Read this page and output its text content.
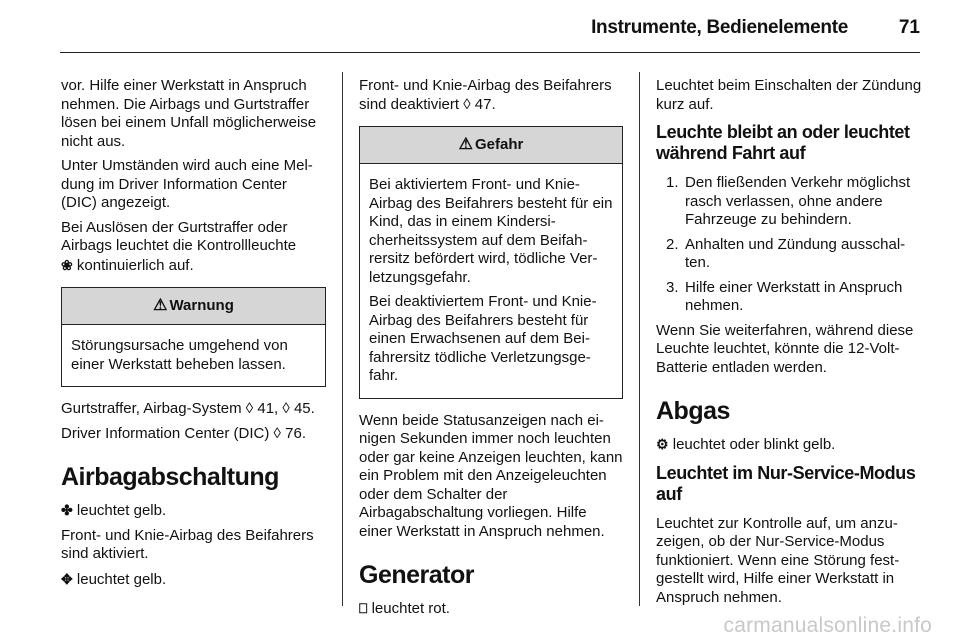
Instrumente, Bedienelemente	71

vor. Hilfe einer Werkstatt in Anspruch nehmen. Die Airbags und Gurtstraffer lösen bei einem Unfall möglicherweise nicht aus.

Unter Umständen wird auch eine Meldung im Driver Information Center (DIC) angezeigt.

Bei Auslösen der Gurtstraffer oder Airbags leuchtet die Kontrollleuchte
❀ kontinuierlich auf.

⚠ Warnung

Störungsursache umgehend von einer Werkstatt beheben lassen.

Gurtstraffer, Airbag-System ◊ 41, ◊ 45.

Driver Information Center (DIC) ◊ 76.

Airbagabschaltung

✤ leuchtet gelb.

Front- und Knie-Airbag des Beifahrers sind aktiviert.

✥ leuchtet gelb.

Front- und Knie-Airbag des Beifahrers sind deaktiviert ◊ 47.

⚠ Gefahr

Bei aktiviertem Front- und Knie-Airbag des Beifahrers besteht für ein Kind, das in einem Kindersicherheitssystem auf dem Beifahrersitz befördert wird, tödliche Verletzungsgefahr.

Bei deaktiviertem Front- und Knie-Airbag des Beifahrers besteht für einen Erwachsenen auf dem Beifahrersitz tödliche Verletzungsgefahr.

Wenn beide Statusanzeigen nach einigen Sekunden immer noch leuchten oder gar keine Anzeigen leuchten, kann ein Problem mit den Anzeigeleuchten oder dem Schalter der Airbagabschaltung vorliegen. Hilfe einer Werkstatt in Anspruch nehmen.

Generator

⎕ leuchtet rot.

Leuchtet beim Einschalten der Zündung kurz auf.

Leuchte bleibt an oder leuchtet während Fahrt auf
1. Den fließenden Verkehr möglichst rasch verlassen, ohne andere Fahrzeuge zu behindern.
2. Anhalten und Zündung ausschalten.
3. Hilfe einer Werkstatt in Anspruch nehmen.

Wenn Sie weiterfahren, während diese Leuchte leuchtet, könnte die 12-Volt-Batterie entladen werden.

Abgas

⚙ leuchtet oder blinkt gelb.

Leuchtet im Nur-Service-Modus auf

Leuchtet zur Kontrolle auf, um anzuzeigen, ob der Nur-Service-Modus funktioniert. Wenn eine Störung festgestellt wird, Hilfe einer Werkstatt in Anspruch nehmen.

carmanualsonline.info
